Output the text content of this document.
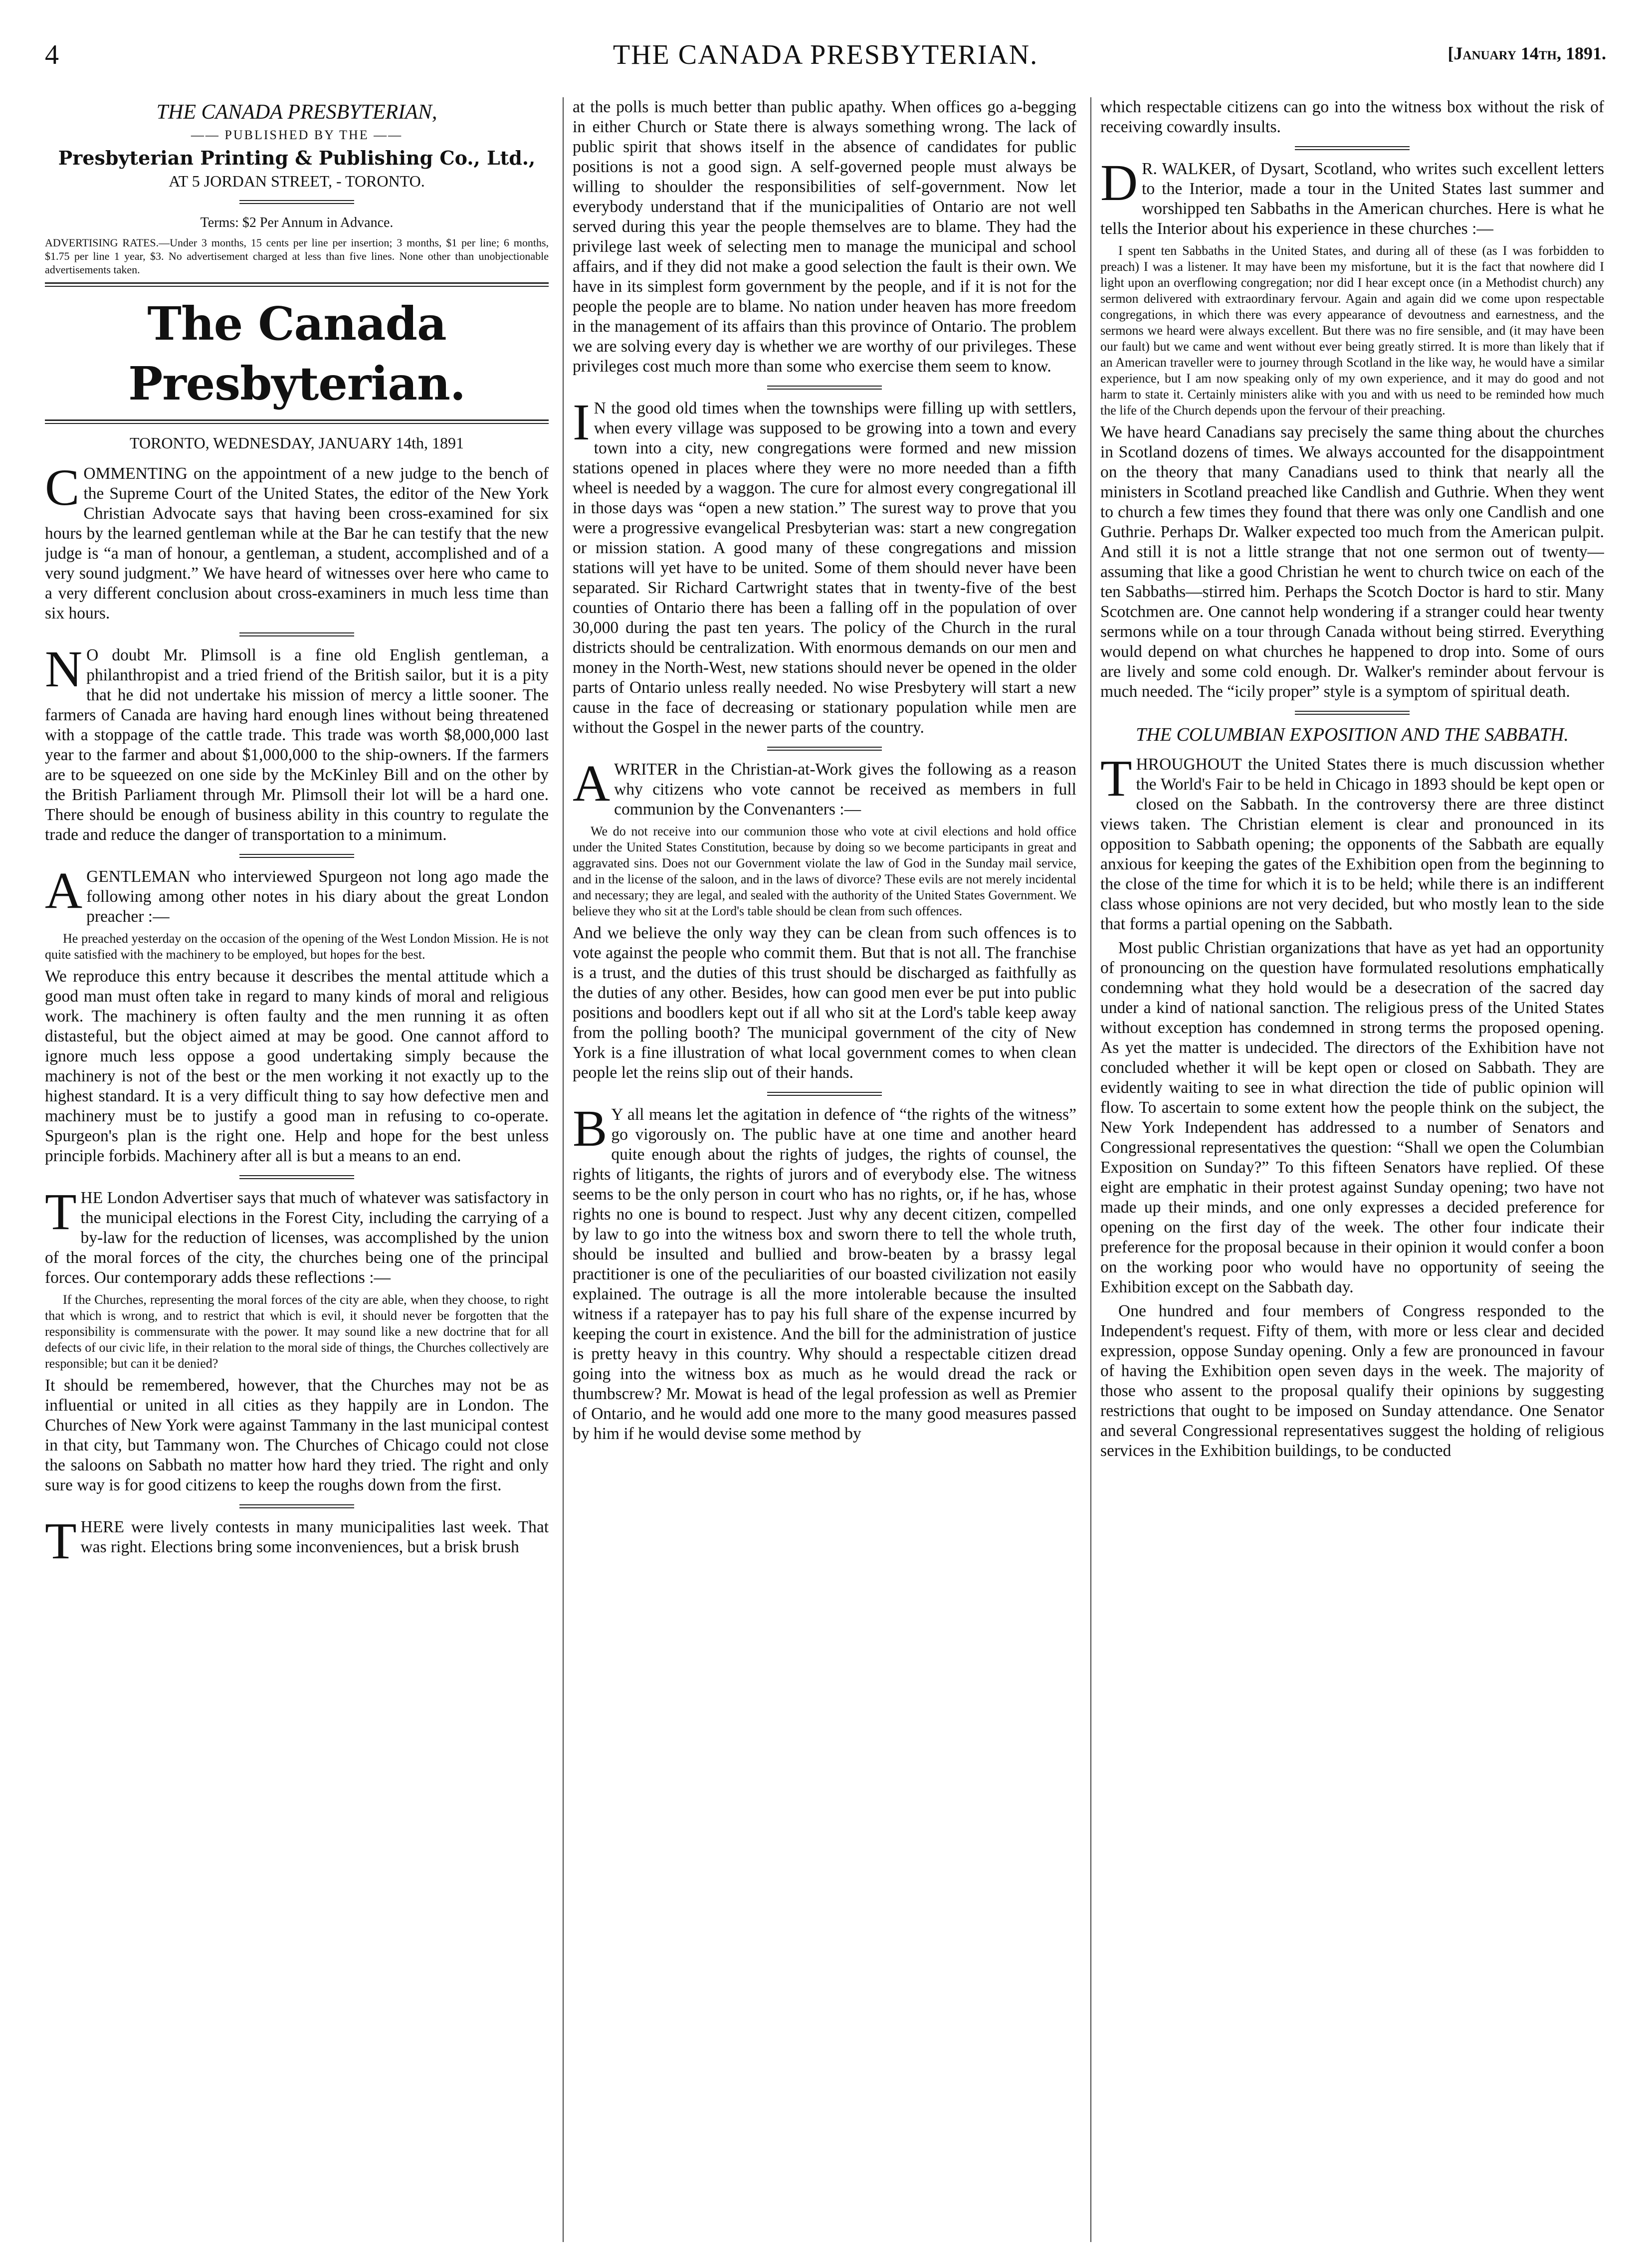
4	THE CANADA PRESBYTERIAN.	[January 14th, 1891.
THE CANADA PRESBYTERIAN,
—— PUBLISHED BY THE ——
Presbyterian Printing & Publishing Co., Ltd.,
AT 5 JORDAN STREET, - TORONTO.
Terms: $2 Per Annum in Advance.
ADVERTISING RATES.—Under 3 months, 15 cents per line per insertion; 3 months, $1 per line; 6 months, $1.75 per line 1 year, $3. No advertisement charged at less than five lines. None other than unobjectionable advertisements taken.
The Canada Presbyterian.
TORONTO, WEDNESDAY, JANUARY 14th, 1891

COMMENTING on the appointment of a new judge to the bench of the Supreme Court of the United States, the editor of the New York Christian Advocate says that having been cross-examined for six hours by the learned gentleman while at the Bar he can testify that the new judge is “a man of honour, a gentleman, a student, accomplished and of a very sound judgment.” We have heard of witnesses over here who came to a very different conclusion about cross-examiners in much less time than six hours.

N O doubt Mr. Plimsoll is a fine old English gentleman, a philanthropist and a tried friend of the British sailor, but it is a pity that he did not undertake his mission of mercy a little sooner. The farmers of Canada are having hard enough lines without being threatened with a stoppage of the cattle trade. This trade was worth $8,000,000 last year to the farmer and about $1,000,000 to the ship-owners. If the farmers are to be squeezed on one side by the McKinley Bill and on the other by the British Parliament through Mr. Plimsoll their lot will be a hard one. There should be enough of business ability in this country to regulate the trade and reduce the danger of transportation to a minimum.

A GENTLEMAN who interviewed Spurgeon not long ago made the following among other notes in his diary about the great London preacher :—

He preached yesterday on the occasion of the opening of the West London Mission. He is not quite satisfied with the machinery to be employed, but hopes for the best.

We reproduce this entry because it describes the mental attitude which a good man must often take in regard to many kinds of moral and religious work. The machinery is often faulty and the men running it as often distasteful, but the object aimed at may be good. One cannot afford to ignore much less oppose a good undertaking simply because the machinery is not of the best or the men working it not exactly up to the highest standard. It is a very difficult thing to say how defective men and machinery must be to justify a good man in refusing to co-operate. Spurgeon's plan is the right one. Help and hope for the best unless principle forbids. Machinery after all is but a means to an end.

THE London Advertiser says that much of whatever was satisfactory in the municipal elections in the Forest City, including the carrying of a by-law for the reduction of licenses, was accomplished by the union of the moral forces of the city, the churches being one of the principal forces. Our contemporary adds these reflections :—

If the Churches, representing the moral forces of the city are able, when they choose, to right that which is wrong, and to restrict that which is evil, it should never be forgotten that the responsibility is commensurate with the power. It may sound like a new doctrine that for all defects of our civic life, in their relation to the moral side of things, the Churches collectively are responsible; but can it be denied?

It should be remembered, however, that the Churches may not be as influential or united in all cities as they happily are in London. The Churches of New York were against Tammany in the last municipal contest in that city, but Tammany won. The Churches of Chicago could not close the saloons on Sabbath no matter how hard they tried. The right and only sure way is for good citizens to keep the roughs down from the first.

THERE were lively contests in many municipalities last week. That was right. Elections bring some inconveniences, but a brisk brush

at the polls is much better than public apathy. When offices go a-begging in either Church or State there is always something wrong. The lack of public spirit that shows itself in the absence of candidates for public positions is not a good sign. A self-governed people must always be willing to shoulder the responsibilities of self-government. Now let everybody understand that if the municipalities of Ontario are not well served during this year the people themselves are to blame. They had the privilege last week of selecting men to manage the municipal and school affairs, and if they did not make a good selection the fault is their own. We have in its simplest form government by the people, and if it is not for the people the people are to blame. No nation under heaven has more freedom in the management of its affairs than this province of Ontario. The problem we are solving every day is whether we are worthy of our privileges. These privileges cost much more than some who exercise them seem to know.

I N the good old times when the townships were filling up with settlers, when every village was supposed to be growing into a town and every town into a city, new congregations were formed and new mission stations opened in places where they were no more needed than a fifth wheel is needed by a waggon. The cure for almost every congregational ill in those days was “open a new station.” The surest way to prove that you were a progressive evangelical Presbyterian was: start a new congregation or mission station. A good many of these congregations and mission stations will yet have to be united. Some of them should never have been separated. Sir Richard Cartwright states that in twenty-five of the best counties of Ontario there has been a falling off in the population of over 30,000 during the past ten years. The policy of the Church in the rural districts should be centralization. With enormous demands on our men and money in the North-West, new stations should never be opened in the older parts of Ontario unless really needed. No wise Presbytery will start a new cause in the face of decreasing or stationary population while men are without the Gospel in the newer parts of the country.

A WRITER in the Christian-at-Work gives the following as a reason why citizens who vote cannot be received as members in full communion by the Convenanters :—

We do not receive into our communion those who vote at civil elections and hold office under the United States Constitution, because by doing so we become participants in great and aggravated sins. Does not our Government violate the law of God in the Sunday mail service, and in the license of the saloon, and in the laws of divorce? These evils are not merely incidental and necessary; they are legal, and sealed with the authority of the United States Government. We believe they who sit at the Lord's table should be clean from such offences.

And we believe the only way they can be clean from such offences is to vote against the people who commit them. But that is not all. The franchise is a trust, and the duties of this trust should be discharged as faithfully as the duties of any other. Besides, how can good men ever be put into public positions and boodlers kept out if all who sit at the Lord's table keep away from the polling booth? The municipal government of the city of New York is a fine illustration of what local government comes to when clean people let the reins slip out of their hands.

B Y all means let the agitation in defence of “the rights of the witness” go vigorously on. The public have at one time and another heard quite enough about the rights of judges, the rights of counsel, the rights of litigants, the rights of jurors and of everybody else. The witness seems to be the only person in court who has no rights, or, if he has, whose rights no one is bound to respect. Just why any decent citizen, compelled by law to go into the witness box and sworn there to tell the whole truth, should be insulted and bullied and brow-beaten by a brassy legal practitioner is one of the peculiarities of our boasted civilization not easily explained. The outrage is all the more intolerable because the insulted witness if a ratepayer has to pay his full share of the expense incurred by keeping the court in existence. And the bill for the administration of justice is pretty heavy in this country. Why should a respectable citizen dread going into the witness box as much as he would dread the rack or thumbscrew? Mr. Mowat is head of the legal profession as well as Premier of Ontario, and he would add one more to the many good measures passed by him if he would devise some method by

which respectable citizens can go into the witness box without the risk of receiving cowardly insults.

D R. WALKER, of Dysart, Scotland, who writes such excellent letters to the Interior, made a tour in the United States last summer and worshipped ten Sabbaths in the American churches. Here is what he tells the Interior about his experience in these churches :—

I spent ten Sabbaths in the United States, and during all of these (as I was forbidden to preach) I was a listener. It may have been my misfortune, but it is the fact that nowhere did I light upon an overflowing congregation; nor did I hear except once (in a Methodist church) any sermon delivered with extraordinary fervour. Again and again did we come upon respectable congregations, in which there was every appearance of devoutness and earnestness, and the sermons we heard were always excellent. But there was no fire sensible, and (it may have been our fault) but we came and went without ever being greatly stirred. It is more than likely that if an American traveller were to journey through Scotland in the like way, he would have a similar experience, but I am now speaking only of my own experience, and it may do good and not harm to state it. Certainly ministers alike with you and with us need to be reminded how much the life of the Church depends upon the fervour of their preaching.

We have heard Canadians say precisely the same thing about the churches in Scotland dozens of times. We always accounted for the disappointment on the theory that many Canadians used to think that nearly all the ministers in Scotland preached like Candlish and Guthrie. When they went to church a few times they found that there was only one Candlish and one Guthrie. Perhaps Dr. Walker expected too much from the American pulpit. And still it is not a little strange that not one sermon out of twenty—assuming that like a good Christian he went to church twice on each of the ten Sabbaths—stirred him. Perhaps the Scotch Doctor is hard to stir. Many Scotchmen are. One cannot help wondering if a stranger could hear twenty sermons while on a tour through Canada without being stirred. Everything would depend on what churches he happened to drop into. Some of ours are lively and some cold enough. Dr. Walker's reminder about fervour is much needed. The “icily proper” style is a symptom of spiritual death.

THE COLUMBIAN EXPOSITION AND THE SABBATH.

THROUGHOUT the United States there is much discussion whether the World's Fair to be held in Chicago in 1893 should be kept open or closed on the Sabbath. In the controversy there are three distinct views taken. The Christian element is clear and pronounced in its opposition to Sabbath opening; the opponents of the Sabbath are equally anxious for keeping the gates of the Exhibition open from the beginning to the close of the time for which it is to be held; while there is an indifferent class whose opinions are not very decided, but who mostly lean to the side that forms a partial opening on the Sabbath.

Most public Christian organizations that have as yet had an opportunity of pronouncing on the question have formulated resolutions emphatically condemning what they hold would be a desecration of the sacred day under a kind of national sanction. The religious press of the United States without exception has condemned in strong terms the proposed opening. As yet the matter is undecided. The directors of the Exhibition have not concluded whether it will be kept open or closed on Sabbath. They are evidently waiting to see in what direction the tide of public opinion will flow. To ascertain to some extent how the people think on the subject, the New York Independent has addressed to a number of Senators and Congressional representatives the question: “Shall we open the Columbian Exposition on Sunday?” To this fifteen Senators have replied. Of these eight are emphatic in their protest against Sunday opening; two have not made up their minds, and one only expresses a decided preference for opening on the first day of the week. The other four indicate their preference for the proposal because in their opinion it would confer a boon on the working poor who would have no opportunity of seeing the Exhibition except on the Sabbath day.

One hundred and four members of Congress responded to the Independent's request. Fifty of them, with more or less clear and decided expression, oppose Sunday opening. Only a few are pronounced in favour of having the Exhibition open seven days in the week. The majority of those who assent to the proposal qualify their opinions by suggesting restrictions that ought to be imposed on Sunday attendance. One Senator and several Congressional representatives suggest the holding of religious services in the Exhibition buildings, to be conducted
